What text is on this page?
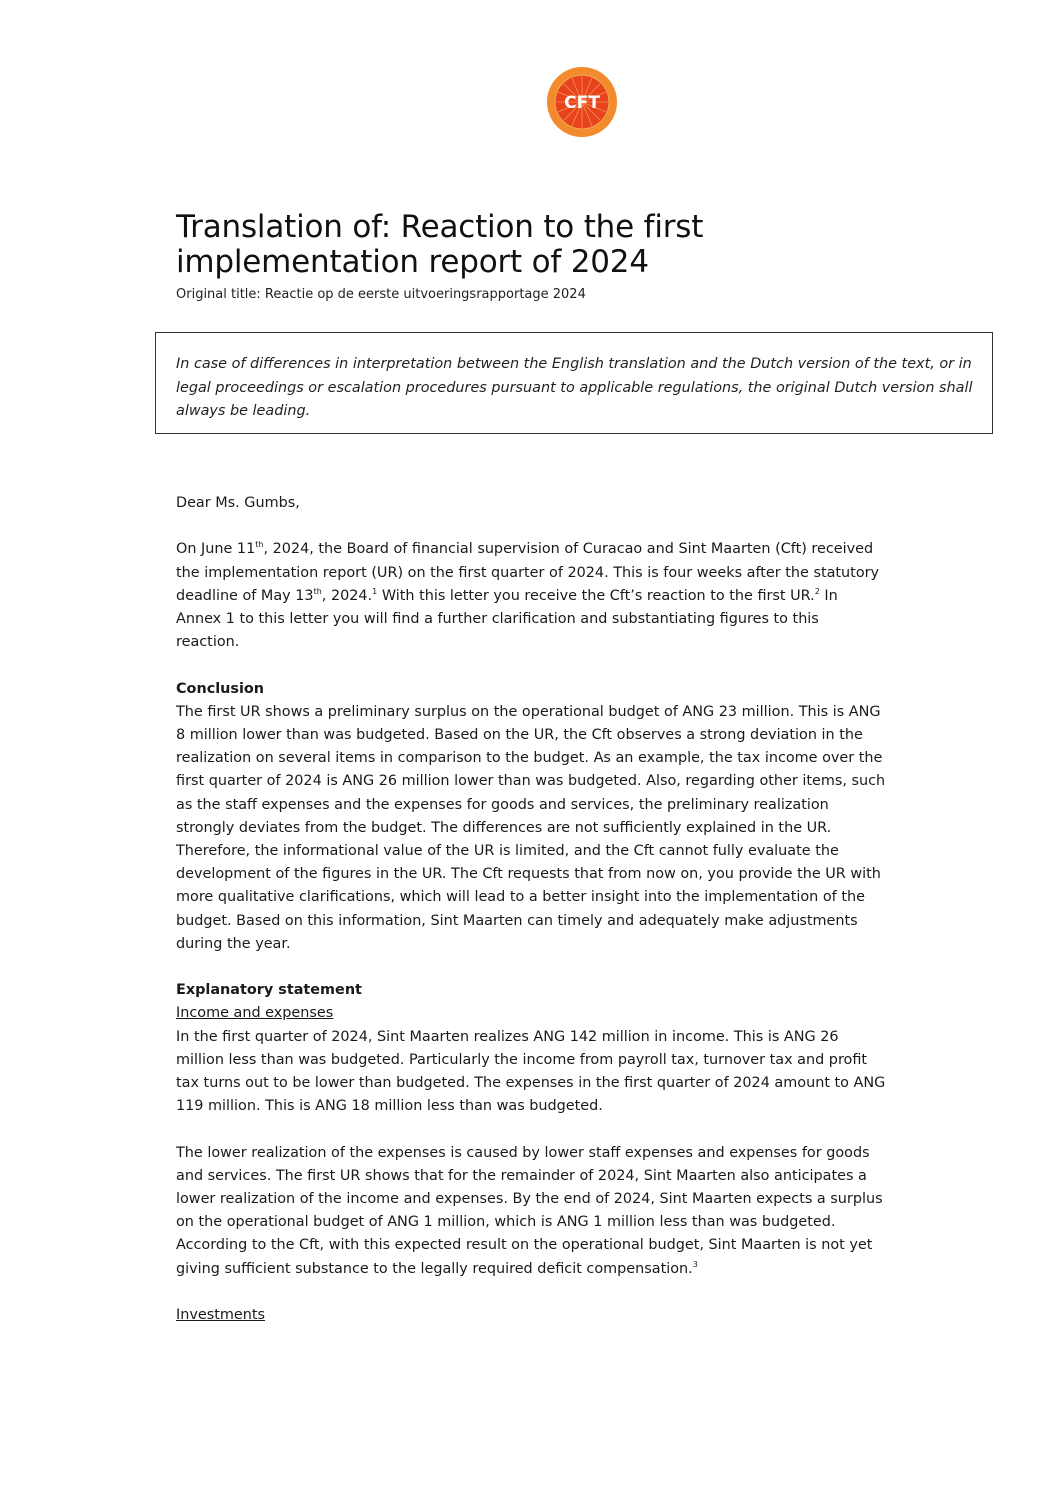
CFT
Translation of: Reaction to the first
implementation report of 2024
Original title: Reactie op de eerste uitvoeringsrapportage 2024

In case of differences in interpretation between the English translation and the Dutch version of the text, or in legal proceedings or escalation procedures pursuant to applicable regulations, the original Dutch version shall always be leading.

Dear Ms. Gumbs,

On June 11th, 2024, the Board of financial supervision of Curacao and Sint Maarten (Cft) received the implementation report (UR) on the first quarter of 2024. This is four weeks after the statutory deadline of May 13th, 2024.$^1$ With this letter you receive the Cft’s reaction to the first UR.$^2$ In Annex 1 to this letter you will find a further clarification and substantiating figures to this reaction.

Conclusion

The first UR shows a preliminary surplus on the operational budget of ANG 23 million. This is ANG 8 million lower than was budgeted. Based on the UR, the Cft observes a strong deviation in the realization on several items in comparison to the budget. As an example, the tax income over the first quarter of 2024 is ANG 26 million lower than was budgeted. Also, regarding other items, such as the staff expenses and the expenses for goods and services, the preliminary realization strongly deviates from the budget. The differences are not sufficiently explained in the UR. Therefore, the informational value of the UR is limited, and the Cft cannot fully evaluate the development of the figures in the UR. The Cft requests that from now on, you provide the UR with more qualitative clarifications, which will lead to a better insight into the implementation of the budget. Based on this information, Sint Maarten can timely and adequately make adjustments during the year.

Explanatory statement

Income and expenses

In the first quarter of 2024, Sint Maarten realizes ANG 142 million in income. This is ANG 26 million less than was budgeted. Particularly the income from payroll tax, turnover tax and profit tax turns out to be lower than budgeted. The expenses in the first quarter of 2024 amount to ANG 119 million. This is ANG 18 million less than was budgeted.

The lower realization of the expenses is caused by lower staff expenses and expenses for goods and services. The first UR shows that for the remainder of 2024, Sint Maarten also anticipates a lower realization of the income and expenses. By the end of 2024, Sint Maarten expects a surplus on the operational budget of ANG 1 million, which is ANG 1 million less than was budgeted. According to the Cft, with this expected result on the operational budget, Sint Maarten is not yet giving sufficient substance to the legally required deficit compensation.$^3$

Investments
